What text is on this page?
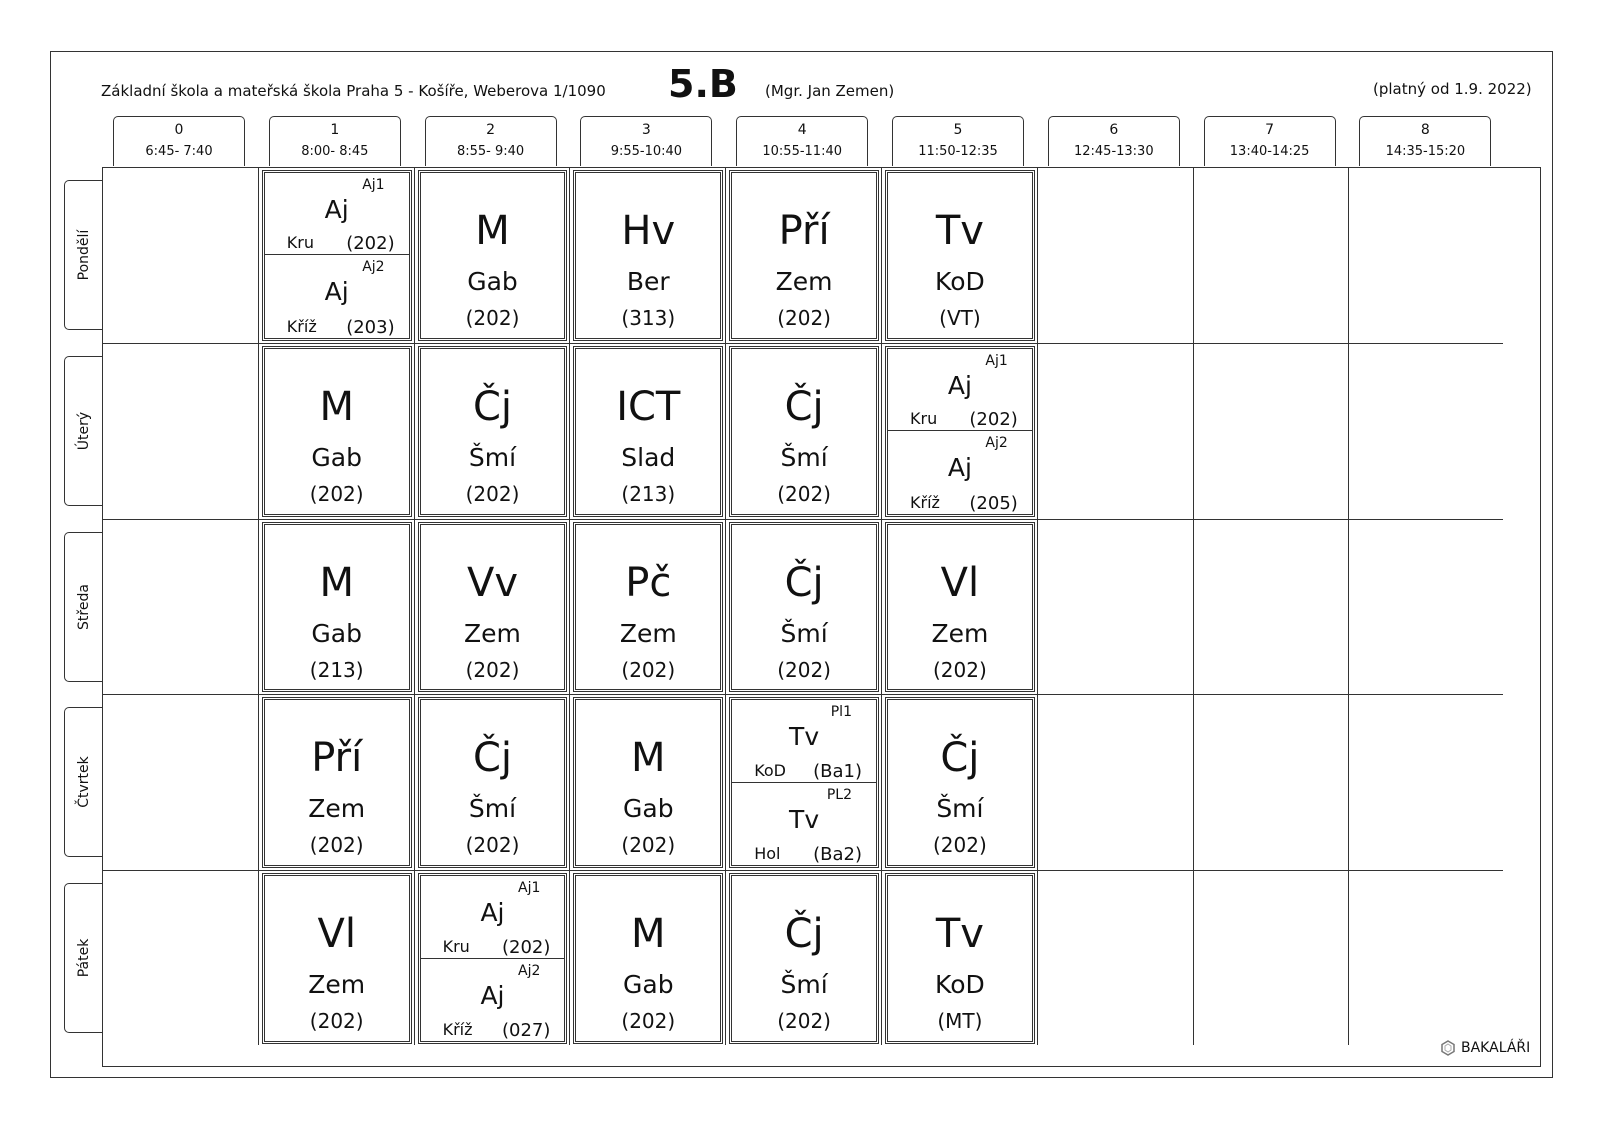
Základní škola a mateřská škola Praha 5 - Košíře, Weberova 1/1090 5.B (Mgr. Jan Zemen)	(platný od 1.9. 2022)
0
6:45- 7:40
1
8:00- 8:45
2
8:55- 9:40
3
9:55-10:40
4
10:55-11:40
5
11:50-12:35
6
12:45-13:30
7
13:40-14:25
8
14:35-15:20
Pondělí
Úterý
Středa
Čtvrtek
Pátek
Aj1
Aj
Kru (202)
Aj2
Aj
Kříž (203)
M
Gab
(202)
Hv
Ber
(313)
Pří
Zem
(202)
Tv
KoD
(VT)
M
Gab
(202)
Čj
Šmí
(202)
ICT
Slad
(213)
Čj
Šmí
(202)
Aj1
Aj
Kru (202)
Aj2
Aj
Kříž (205)
M
Gab
(213)
Vv
Zem
(202)
Pč
Zem
(202)
Čj
Šmí
(202)
Vl
Zem
(202)
Pří
Zem
(202)
Čj
Šmí
(202)
M
Gab
(202)
Pl1
Tv
KoD (Ba1)
PL2
Tv
Hol (Ba2)
Čj
Šmí
(202)
Vl
Zem
(202)
Aj1
Aj
Kru (202)
Aj2
Aj
Kříž (027)
M
Gab
(202)
Čj
Šmí
(202)
Tv
KoD
(MT)
BAKALÁŘI
